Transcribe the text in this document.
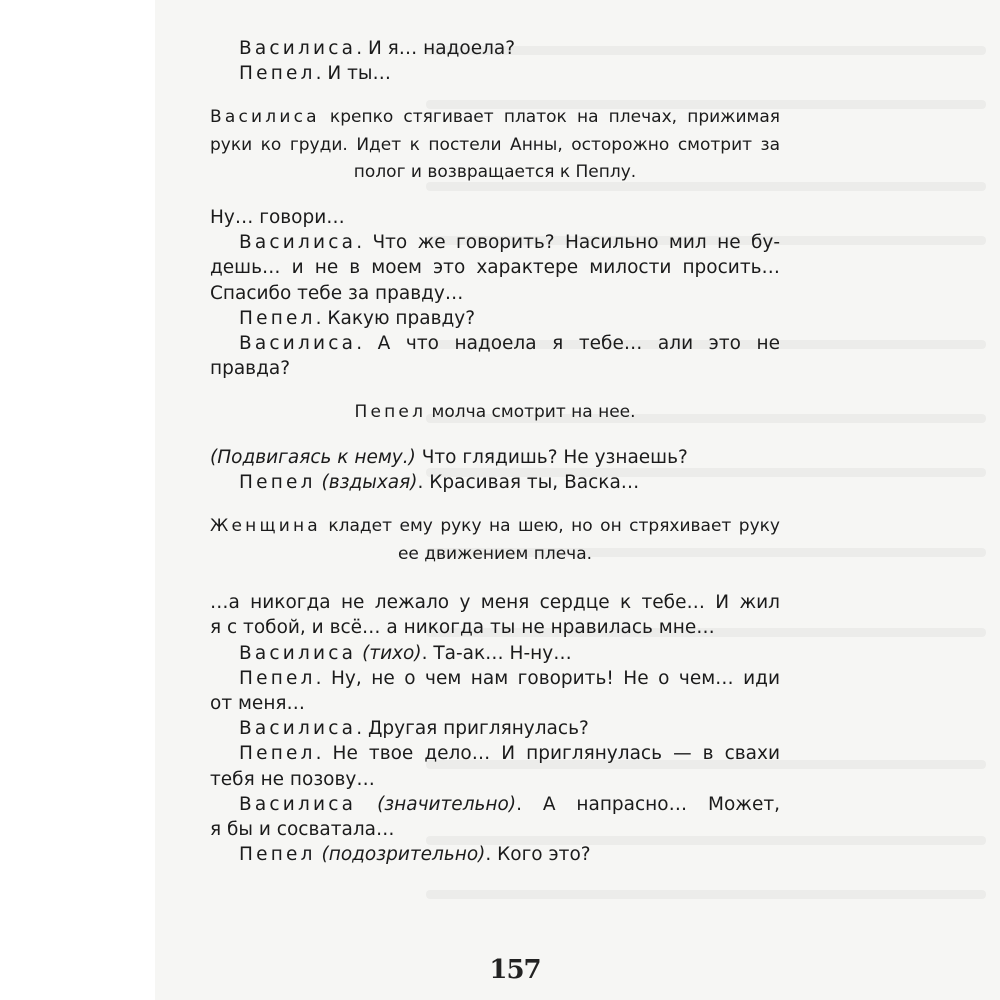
Василиса. И я… надоела?
Пепел. И ты…
Василиса крепко стягивает платок на плечах, прижимая
руки ко груди. Идет к постели Анны, осторожно смотрит за
полог и возвращается к Пеплу.
Ну… говори…
Василиса. Что же говорить? Насильно мил не бу-
дешь… и не в моем это характере милости просить…
Спасибо тебе за правду…
Пепел. Какую правду?
Василиса. А что надоела я тебе… али это не
правда?
Пепел молча смотрит на нее.
(Подвигаясь к нему.) Что глядишь? Не узнаешь?
Пепел (вздыхая). Красивая ты, Васка…
Женщина кладет ему руку на шею, но он стряхивает руку
ее движением плеча.
…а никогда не лежало у меня сердце к тебе… И жил
я с тобой, и всё… а никогда ты не нравилась мне…
Василиса (тихо). Та-ак… Н-ну…
Пепел. Ну, не о чем нам говорить! Не о чем… иди
от меня…
Василиса. Другая приглянулась?
Пепел. Не твое дело… И приглянулась — в свахи
тебя не позову…
Василиса (значительно). А напрасно… Может,
я бы и сосватала…
Пепел (подозрительно). Кого это?
157
